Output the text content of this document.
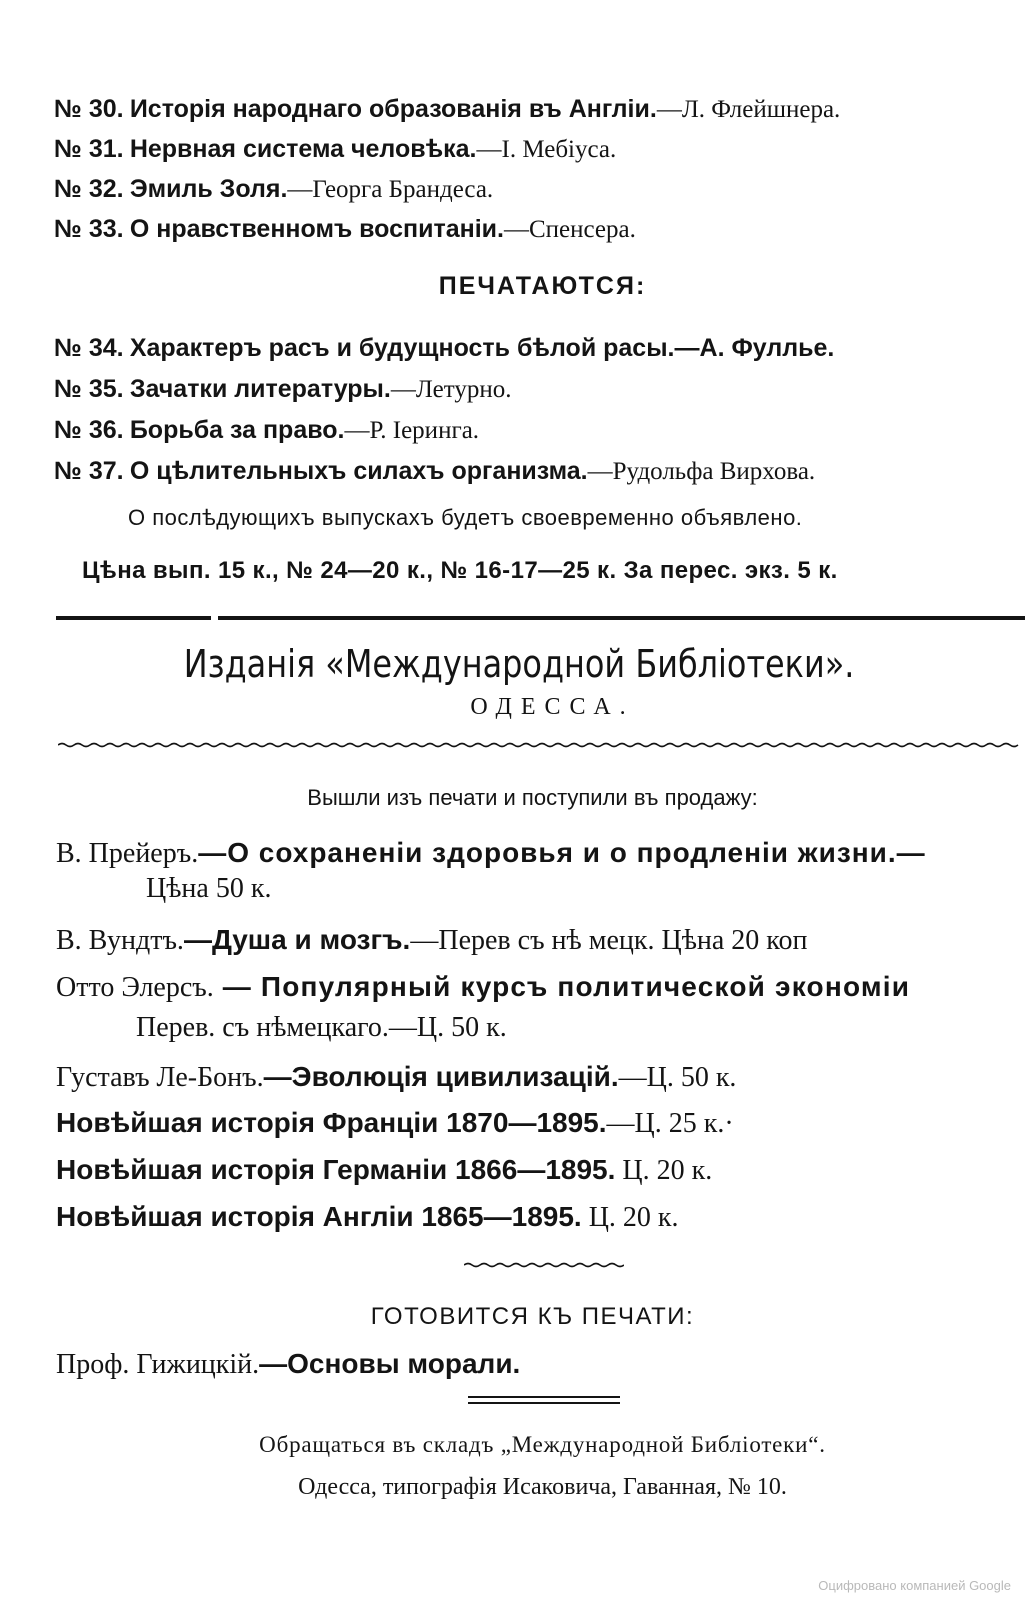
№ 30. Исторія народнаго образованія въ Англіи.—Л. Флейшнера.
№ 31. Нервная система человѣка.—I. Мебіуса.
№ 32. Эмиль Золя.—Георга Брандеса.
№ 33. О нравственномъ воспитаніи.—Спенсера.
ПЕЧАТАЮТСЯ:
№ 34. Характеръ расъ и будущность бѣлой расы.—А. Фуллье.
№ 35. Зачатки литературы.—Летурно.
№ 36. Борьба за право.—Р. Іеринга.
№ 37. О цѣлительныхъ силахъ организма.—Рудольфа Вирхова.
О послѣдующихъ выпускахъ будетъ своевременно объявлено.
Цѣна вып. 15 к., № 24—20 к., № 16-17—25 к. За перес. экз. 5 к.
Изданія «Международной Библіотеки».
ОДЕССА.
Вышли изъ печати и поступили въ продажу:
В. Прейеръ.—О сохраненіи здоровья и о продленіи жизни.—
Цѣна 50 к.
В. Вундтъ.—Душа и мозгъ.—Перев съ нѣ мецк. Цѣна 20 коп
Отто Элерсъ. — Популярный курсъ политической экономіи
Перев. съ нѣмецкаго.—Ц. 50 к.
Густавъ Ле-Бонъ.—Эволюція цивилизацій.—Ц. 50 к.
Новѣйшая исторія Франціи 1870—1895.—Ц. 25 к.·
Новѣйшая исторія Германіи 1866—1895. Ц. 20 к.
Новѣйшая исторія Англіи 1865—1895. Ц. 20 к.
ГОТОВИТСЯ КЪ ПЕЧАТИ:
Проф. Гижицкій.—Основы морали.
Обращаться въ складъ „Международной Библіотеки“.
Одесса, типографія Исаковича, Гаванная, № 10.
Оцифровано компанией Google
